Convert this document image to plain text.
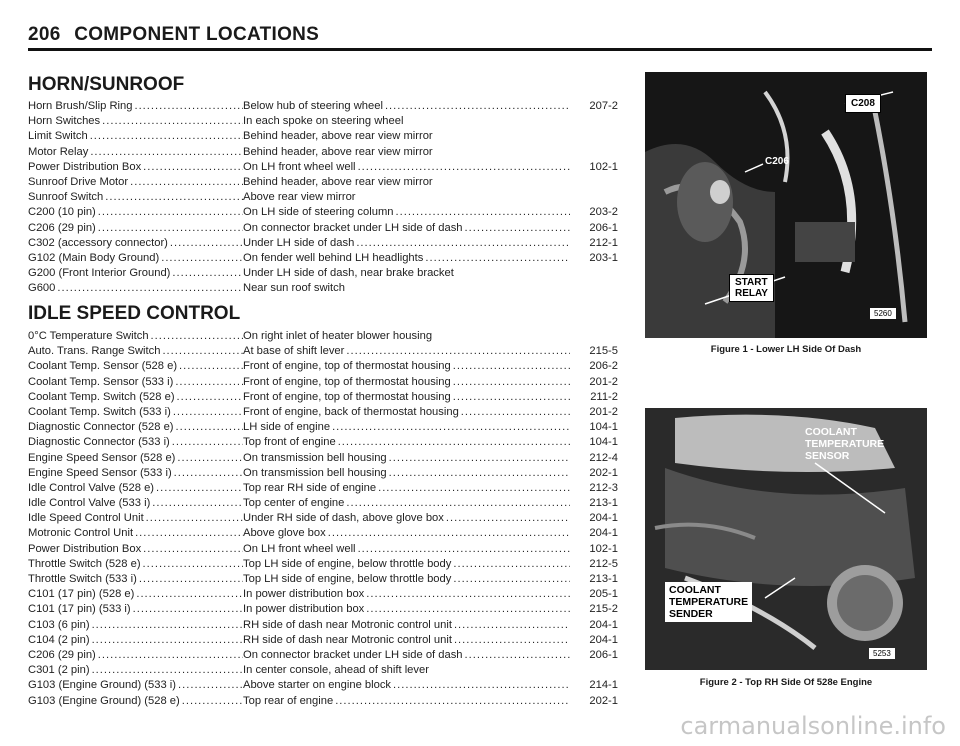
206 COMPONENT LOCATIONS
HORN/SUNROOF
Horn Brush/Slip Ring .....	Below hub of steering wheel .....	207-2
Horn Switches .....	In each spoke on steering wheel
Limit Switch .....	Behind header, above rear view mirror
Motor Relay .....	Behind header, above rear view mirror
Power Distribution Box .....	On LH front wheel well .....	102-1
Sunroof Drive Motor .....	Behind header, above rear view mirror
Sunroof Switch .....	Above rear view mirror
C200 (10 pin) .....	On LH side of steering column .....	203-2
C206 (29 pin) .....	On connector bracket under LH side of dash .....	206-1
C302 (accessory connector) .....	Under LH side of dash .....	212-1
G102 (Main Body Ground) .....	On fender well behind LH headlights .....	203-1
G200 (Front Interior Ground) .....	Under LH side of dash, near brake bracket
G600 .....	Near sun roof switch
IDLE SPEED CONTROL
0°C Temperature Switch .....	On right inlet of heater blower housing
Auto. Trans. Range Switch .....	At base of shift lever .....	215-5
Coolant Temp. Sensor (528 e) .....	Front of engine, top of thermostat housing .....	206-2
Coolant Temp. Sensor (533 i) .....	Front of engine, top of thermostat housing .....	201-2
Coolant Temp. Switch (528 e) .....	Front of engine, top of thermostat housing .....	211-2
Coolant Temp. Switch (533 i) .....	Front of engine, back of thermostat housing .....	201-2
Diagnostic Connector (528 e) .....	LH side of engine .....	104-1
Diagnostic Connector (533 i) .....	Top front of engine .....	104-1
Engine Speed Sensor (528 e) .....	On transmission bell housing .....	212-4
Engine Speed Sensor (533 i) .....	On transmission bell housing .....	202-1
Idle Control Valve (528 e) .....	Top rear RH side of engine .....	212-3
Idle Control Valve (533 i) .....	Top center of engine .....	213-1
Idle Speed Control Unit .....	Under RH side of dash, above glove box .....	204-1
Motronic Control Unit .....	Above glove box .....	204-1
Power Distribution Box .....	On LH front wheel well .....	102-1
Throttle Switch (528 e) .....	Top LH side of engine, below throttle body .....	212-5
Throttle Switch (533 i) .....	Top LH side of engine, below throttle body .....	213-1
C101 (17 pin) (528 e) .....	In power distribution box .....	205-1
C101 (17 pin) (533 i) .....	In power distribution box .....	215-2
C103 (6 pin) .....	RH side of dash near Motronic control unit .....	204-1
C104 (2 pin) .....	RH side of dash near Motronic control unit .....	204-1
C206 (29 pin) .....	On connector bracket under LH side of dash .....	206-1
C301 (2 pin) .....	In center console, ahead of shift lever
G103 (Engine Ground) (533 i) .....	Above starter on engine block .....	214-1
G103 (Engine Ground) (528 e) .....	Top rear of engine .....	202-1
C208
C206
START
RELAY
5260
Figure 1 - Lower LH Side Of Dash
COOLANT
TEMPERATURE
SENSOR
COOLANT
TEMPERATURE
SENDER
5253
Figure 2 - Top RH Side Of 528e Engine
carmanualsonline.info
